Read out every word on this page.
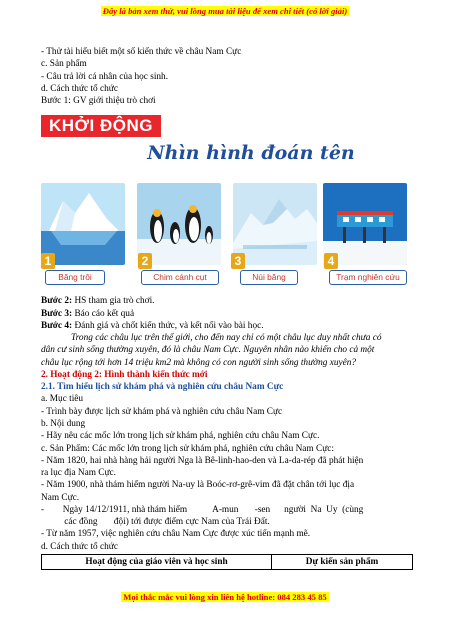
Đây là bản xem thử, vui lòng mua tài liệu để xem chi tiết (có lời giải)
- Thử tài hiểu biết một số kiến thức về châu Nam Cực
c. Sản phẩm
- Câu trả lời cá nhân của học sinh.
d. Cách thức tổ chức
Bước 1: GV giới thiệu trò chơi
KHỞI ĐỘNG
Nhìn hình đoán tên
1	2	3	4
Băng trôi	Chim cánh cụt	Núi băng	Trạm nghiên cứu
Bước 2: HS tham gia trò chơi.
Bước 3: Báo cáo kết quả
Bước 4: Đánh giá và chốt kiến thức, và kết nối vào bài học.
Trong các châu lục trên thế giới, cho đến nay chỉ có một châu lục duy nhất chưa có
dân cư sinh sống thường xuyên, đó là châu Nam Cực. Nguyên nhân nào khiến cho cả một
châu lục rộng tới hơn 14 triệu km2 mà không có con người sinh sống thường xuyên?
2. Hoạt động 2: Hình thành kiến thức mới
2.1. Tìm hiểu lịch sử khám phá và nghiên cứu châu Nam Cực
a. Mục tiêu
- Trình bày được lịch sử khám phá và nghiên cứu châu Nam Cực
b. Nội dung
- Hãy nêu các mốc lớn trong lịch sử khám phá, nghiên cứu châu Nam Cực.
c. Sản Phẩm: Các mốc lớn trong lịch sử khám phá, nghiên cứu châu Nam Cực:
- Năm 1820, hai nhà hàng hải người Nga là Bê-linh-hao-den và La-da-rép đã phát hiện
ra lục địa Nam Cực.
- Năm 1900, nhà thám hiểm người Na-uy là Boóc-rơ-grê-vim đã đặt chân tới lục địa
Nam Cực.
-        Ngày 14/12/1911, nhà thám hiểm           A-mun       -sen      người  Na  Uy  (cùng
các đồng       đội) tới được điểm cực Nam của Trái Đất.
- Từ năm 1957, việc nghiên cứu châu Nam Cực được xúc tiến mạnh mẽ.
d. Cách thức tổ chức
Hoạt động của giáo viên và học sinh	Dự kiến sản phẩm
Mọi thắc mắc vui lòng xin liên hệ hotline: 084 283 45 85
